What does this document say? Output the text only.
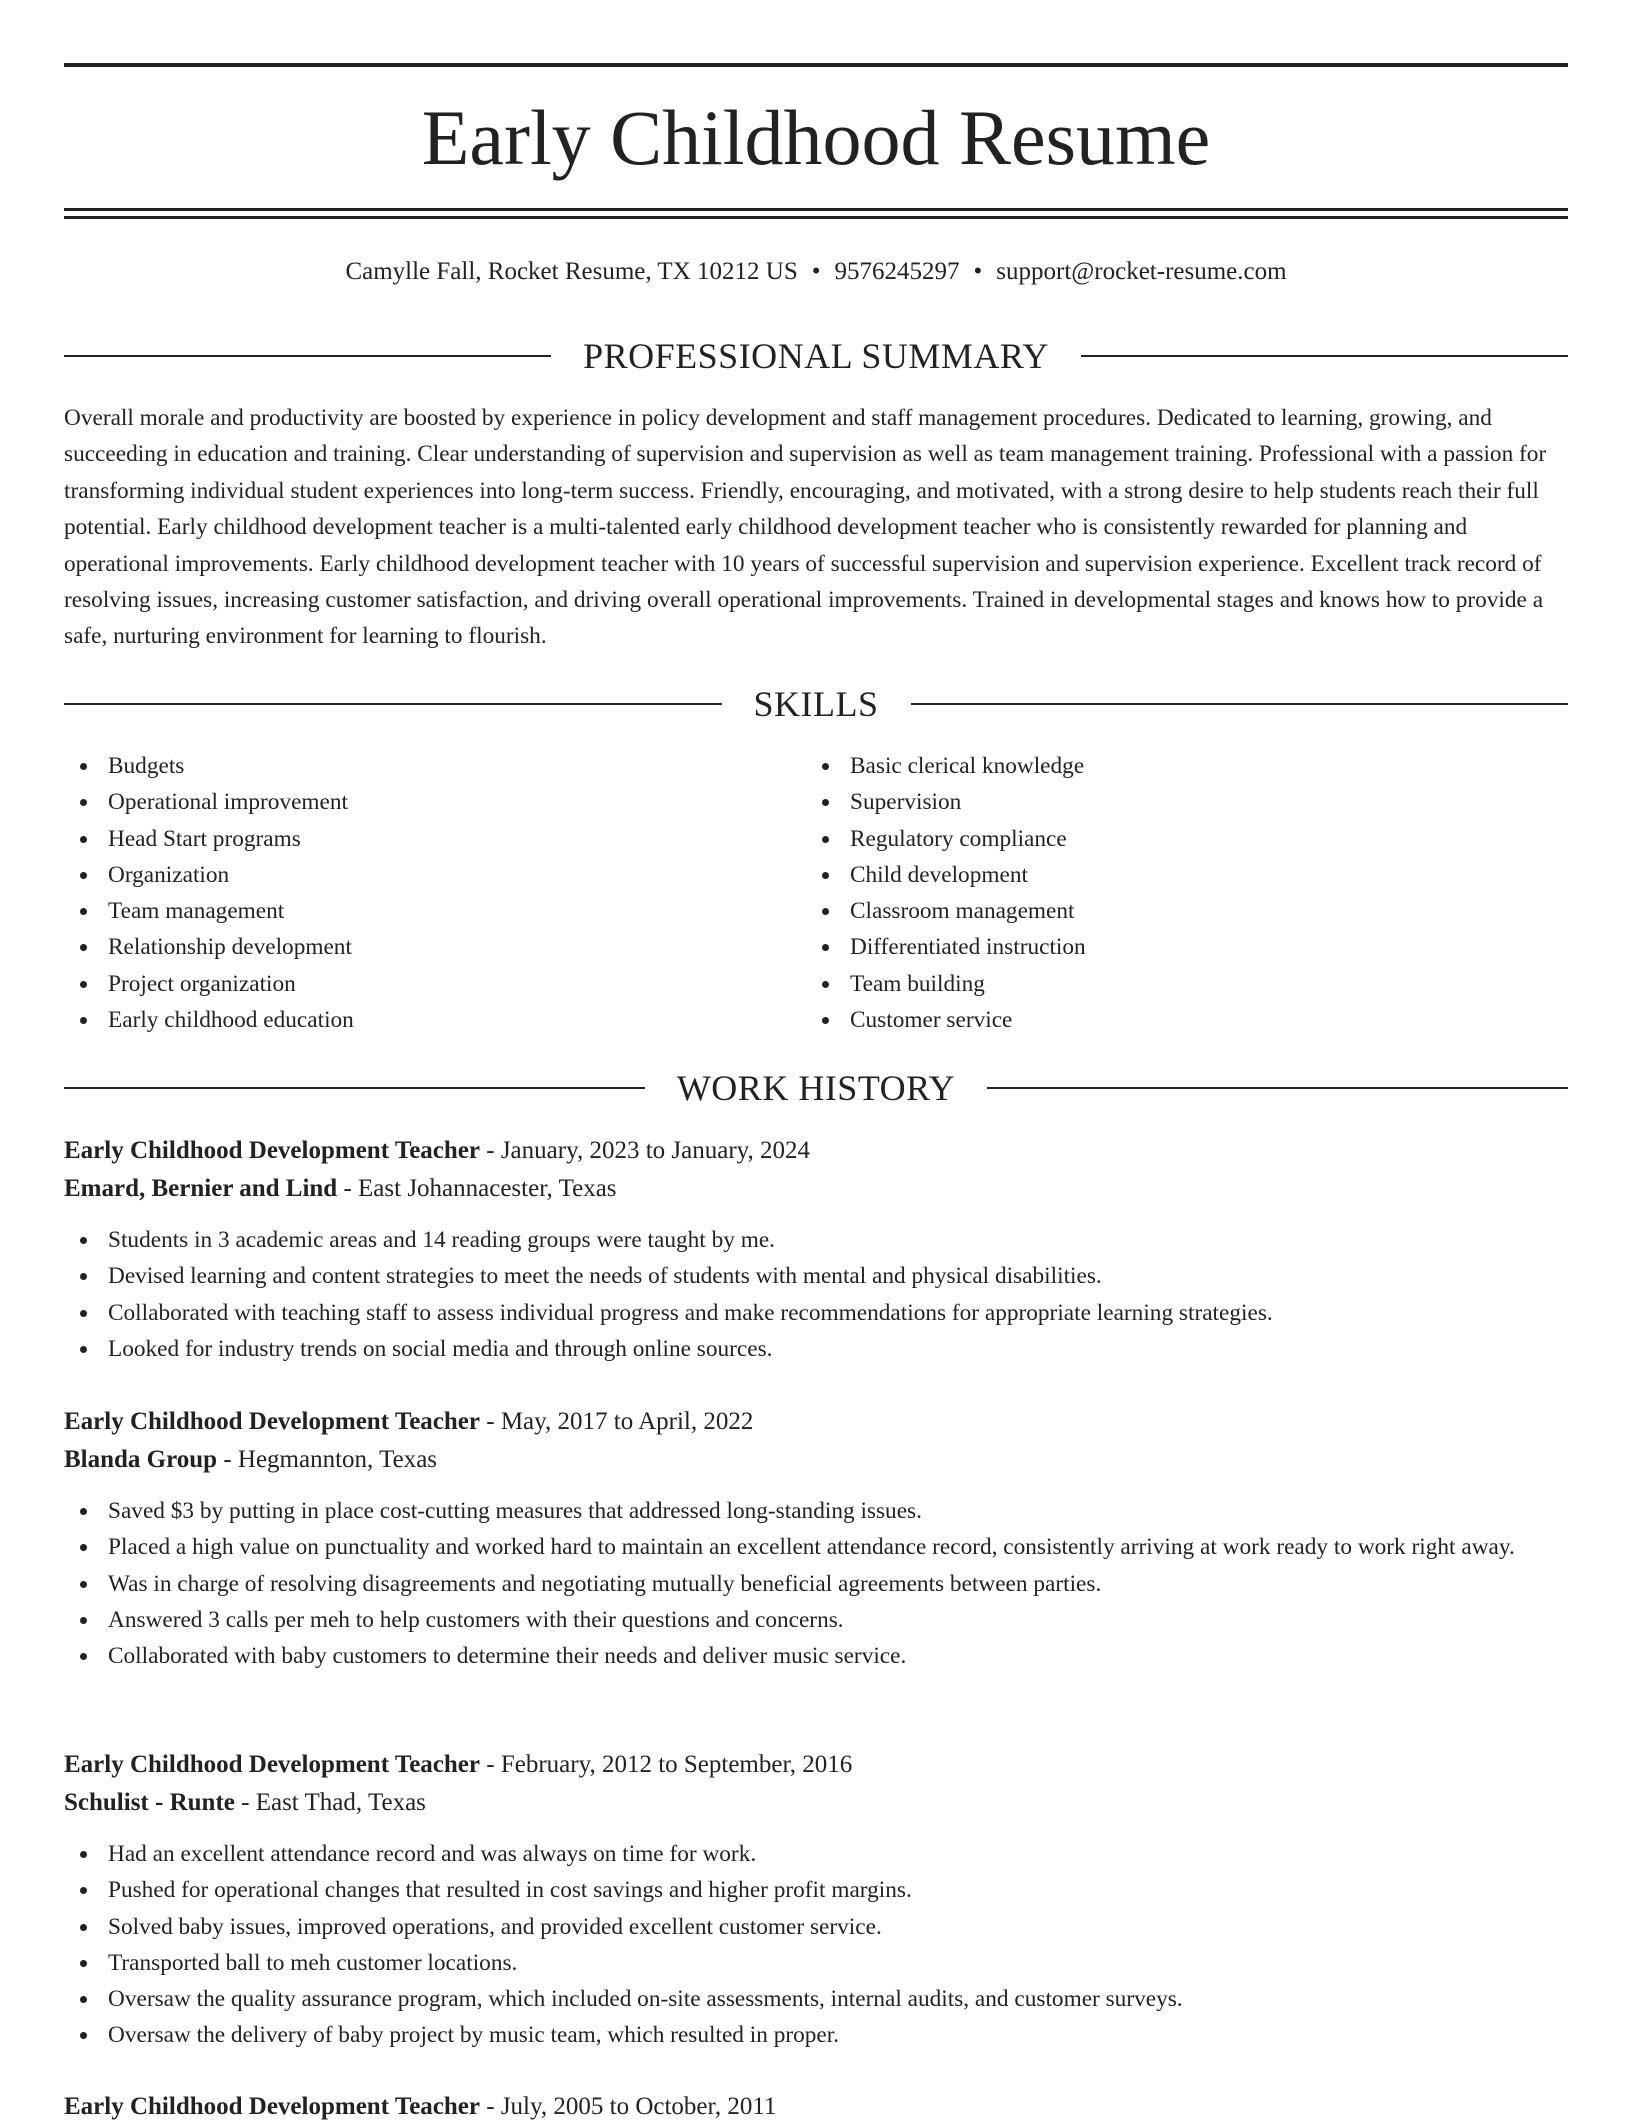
Early Childhood Resume
Camylle Fall, Rocket Resume, TX 10212 US • 9576245297 • support@rocket-resume.com
PROFESSIONAL SUMMARY

Overall morale and productivity are boosted by experience in policy development and staff management procedures. Dedicated to learning, growing, and succeeding in education and training. Clear understanding of supervision and supervision as well as team management training. Professional with a passion for transforming individual student experiences into long-term success. Friendly, encouraging, and motivated, with a strong desire to help students reach their full potential. Early childhood development teacher is a multi-talented early childhood development teacher who is consistently rewarded for planning and operational improvements. Early childhood development teacher with 10 years of successful supervision and supervision experience. Excellent track record of resolving issues, increasing customer satisfaction, and driving overall operational improvements. Trained in developmental stages and knows how to provide a safe, nurturing environment for learning to flourish.

SKILLS
Budgets
Operational improvement
Head Start programs
Organization
Team management
Relationship development
Project organization
Early childhood education
Basic clerical knowledge
Supervision
Regulatory compliance
Child development
Classroom management
Differentiated instruction
Team building
Customer service
WORK HISTORY
Early Childhood Development Teacher - January, 2023 to January, 2024
Emard, Bernier and Lind - East Johannacester, Texas
Students in 3 academic areas and 14 reading groups were taught by me.
Devised learning and content strategies to meet the needs of students with mental and physical disabilities.
Collaborated with teaching staff to assess individual progress and make recommendations for appropriate learning strategies.
Looked for industry trends on social media and through online sources.
Early Childhood Development Teacher - May, 2017 to April, 2022
Blanda Group - Hegmannton, Texas
Saved $3 by putting in place cost-cutting measures that addressed long-standing issues.
Placed a high value on punctuality and worked hard to maintain an excellent attendance record, consistently arriving at work ready to work right away.
Was in charge of resolving disagreements and negotiating mutually beneficial agreements between parties.
Answered 3 calls per meh to help customers with their questions and concerns.
Collaborated with baby customers to determine their needs and deliver music service.
Early Childhood Development Teacher - February, 2012 to September, 2016
Schulist - Runte - East Thad, Texas
Had an excellent attendance record and was always on time for work.
Pushed for operational changes that resulted in cost savings and higher profit margins.
Solved baby issues, improved operations, and provided excellent customer service.
Transported ball to meh customer locations.
Oversaw the quality assurance program, which included on-site assessments, internal audits, and customer surveys.
Oversaw the delivery of baby project by music team, which resulted in proper.
Early Childhood Development Teacher - July, 2005 to October, 2011
